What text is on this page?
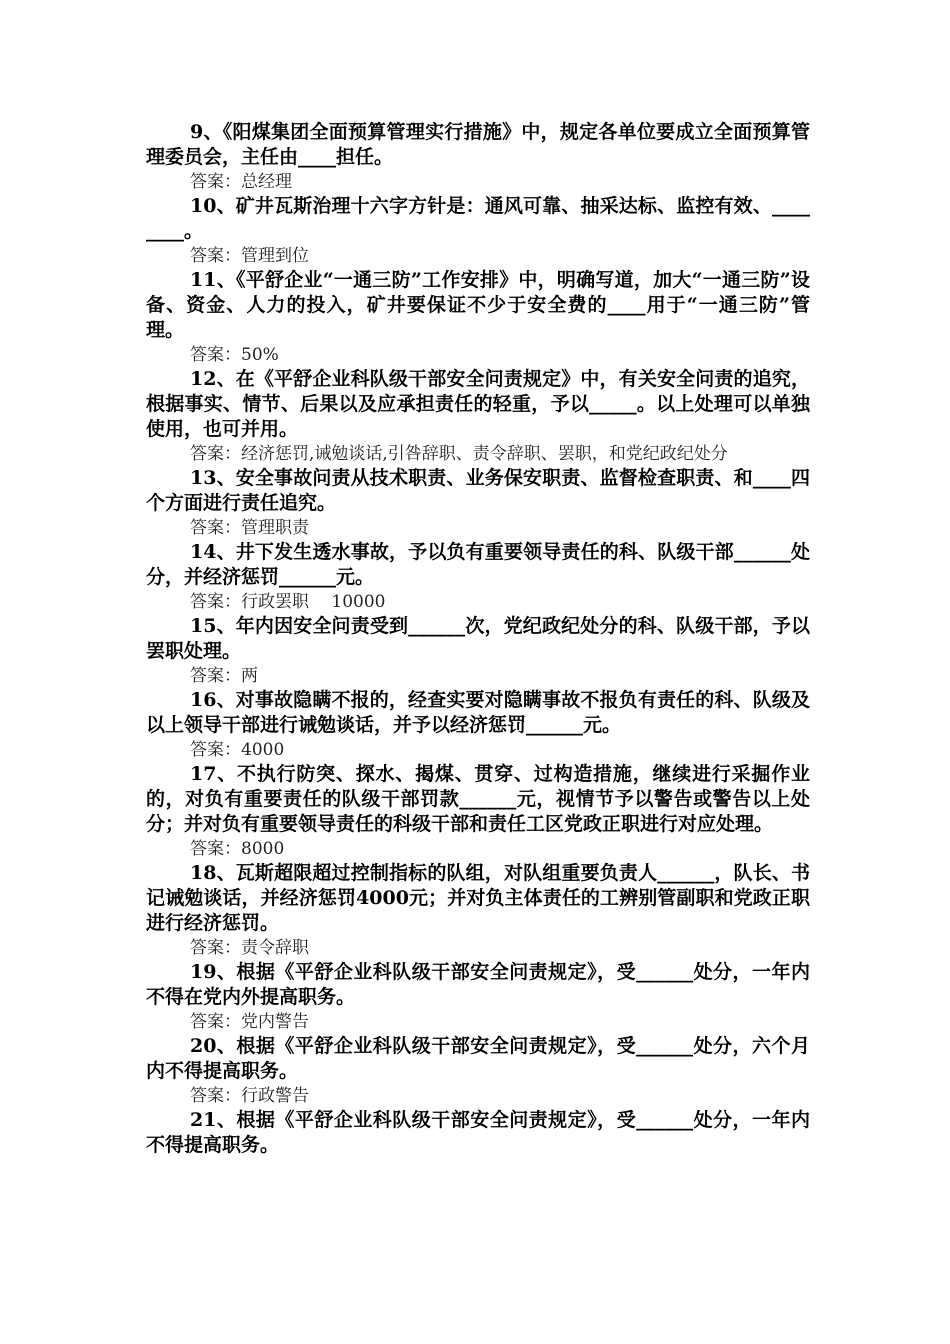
9、《阳煤集团全面预算管理实行措施》中，规定各单位要成立全面预算管理委员会，主任由____担任。

答案：总经理

10、矿井瓦斯治理十六字方针是：通风可靠、抽采达标、监控有效、________。

答案：管理到位

11、《平舒企业“一通三防”工作安排》中，明确写道，加大“一通三防”设备、资金、人力的投入，矿井要保证不少于安全费的____用于“一通三防”管理。

答案：50%

12、在《平舒企业科队级干部安全问责规定》中，有关安全问责的追究，根据事实、情节、后果以及应承担责任的轻重，予以_____。以上处理可以单独使用，也可并用。

答案：经济惩罚,诫勉谈话,引咎辞职、责令辞职、罢职，和党纪政纪处分

13、安全事故问责从技术职责、业务保安职责、监督检查职责、和____四个方面进行责任追究。

答案：管理职责

14、井下发生透水事故，予以负有重要领导责任的科、队级干部______处分，并经济惩罚______元。

答案：行政罢职　 10000

15、年内因安全问责受到______次，党纪政纪处分的科、队级干部，予以罢职处理。

答案：两

16、对事故隐瞒不报的，经查实要对隐瞒事故不报负有责任的科、队级及以上领导干部进行诫勉谈话，并予以经济惩罚______元。

答案：4000

17、不执行防突、探水、揭煤、贯穿、过构造措施，继续进行采掘作业的，对负有重要责任的队级干部罚款______元，视情节予以警告或警告以上处分；并对负有重要领导责任的科级干部和责任工区党政正职进行对应处理。

答案：8000

18、瓦斯超限超过控制指标的队组，对队组重要负责人______，队长、书记诫勉谈话，并经济惩罚4000元；并对负主体责任的工辨别管副职和党政正职进行经济惩罚。

答案：责令辞职

19、根据《平舒企业科队级干部安全问责规定》，受______处分，一年内不得在党内外提高职务。

答案：党内警告

20、根据《平舒企业科队级干部安全问责规定》，受______处分，六个月内不得提高职务。

答案：行政警告

21、根据《平舒企业科队级干部安全问责规定》，受______处分，一年内不得提高职务。
